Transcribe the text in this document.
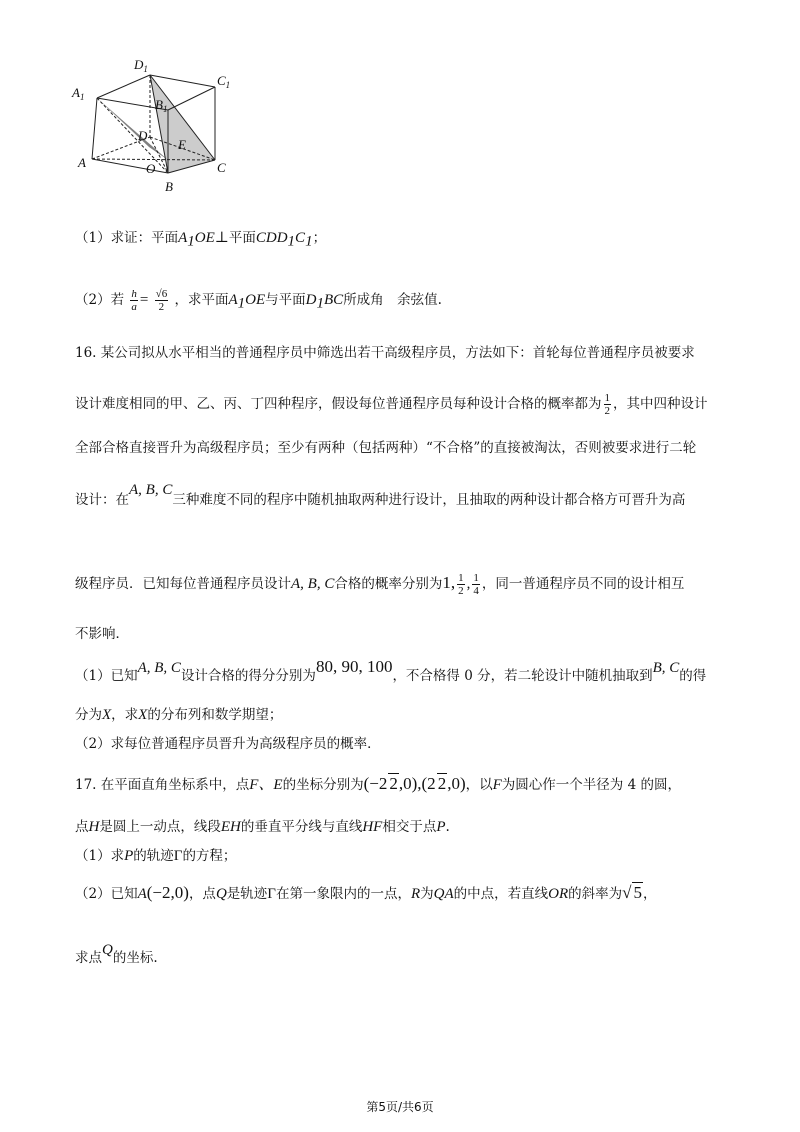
$A_1$
$D_1$
$C_1$
$B_1$
D
E
A	O	C
B
（1）求证：平面$A_1OE\perp$平面$CDD_1C_1$；
（2）若 $\frac{h}{a} = \frac{√6}{2}$ ，求平面$A_1OE$与平面$D_1BC$所成角　余弦值.
16. 某公司拟从水平相当的普通程序员中筛选出若干高级程序员，方法如下：首轮每位普通程序员被要求
设计难度相同的甲、乙、丙、丁四种程序，假设每位普通程序员每种设计合格的概率都为 $\frac{1}{2}$ ，其中四种设计
全部合格直接晋升为高级程序员；至少有两种（包括两种）“不合格”的直接被淘汰，否则被要求进行二轮
设计：在A, B, C三种难度不同的程序中随机抽取两种进行设计，且抽取的两种设计都合格方可晋升为高
级程序员．已知每位普通程序员设计A, B, C合格的概率分别为1, $\frac{1}{2}$ , $\frac{1}{4}$ ，同一普通程序员不同的设计相互
不影响．
（1）已知A, B, C设计合格的得分分别为80, 90, 100，不合格得 0 分，若二轮设计中随机抽取到B, C的得
分为X，求X的分布列和数学期望；
（2）求每位普通程序员晋升为高级程序员的概率．
17. 在平面直角坐标系中，点F、E的坐标分别为(−2 2,0),(2 2,0)，以F为圆心作一个半径为 4 的圆，
点H是圆上一动点，线段EH的垂直平分线与直线HF相交于点P.
（1）求P的轨迹Γ的方程；
（2）已知A(−2,0)，点Q是轨迹Γ在第一象限内的一点，R为QA的中点，若直线OR的斜率为√ 5，
求点Q的坐标.
第5页/共6页
